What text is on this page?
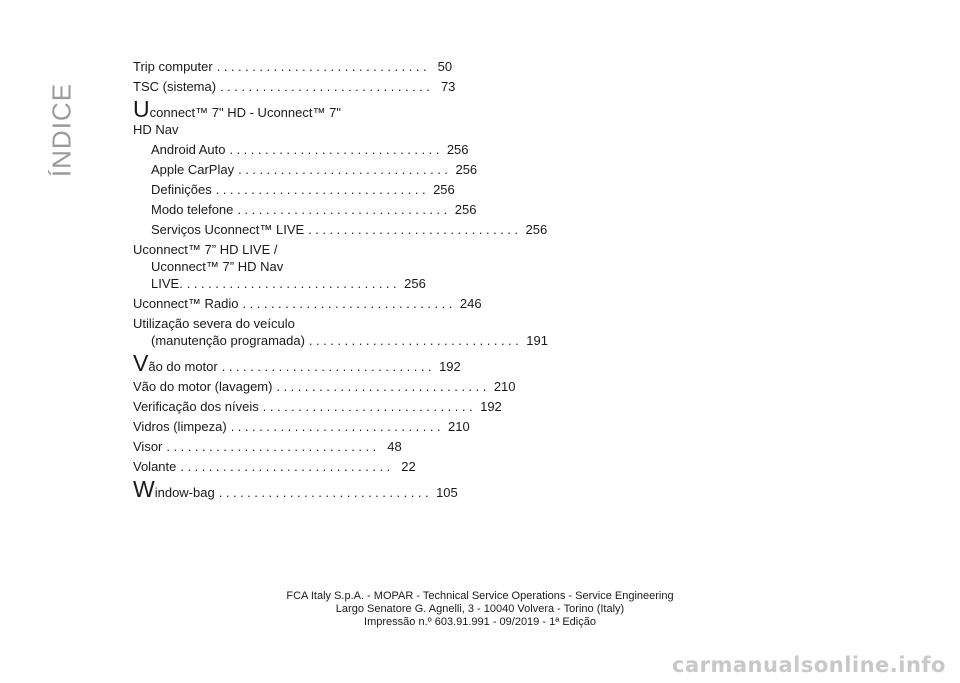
ÍNDICE
Trip computer .............................. 50
TSC (sistema) .............................. 73
Uconnect™ 7" HD - Uconnect™ 7"
HD Nav
Android Auto .............................. 256
Apple CarPlay .............................. 256
Definições .............................. 256
Modo telefone .............................. 256
Serviços Uconnect™ LIVE .............................. 256
Uconnect™ 7” HD LIVE /
Uconnect™ 7” HD Nav
LIVE. .............................. 256
Uconnect™ Radio .............................. 246
Utilização severa do veículo
(manutenção programada) .............................. 191
Vão do motor .............................. 192
Vão do motor (lavagem) .............................. 210
Verificação dos níveis .............................. 192
Vidros (limpeza) .............................. 210
Visor .............................. 48
Volante .............................. 22
Window-bag .............................. 105
FCA Italy S.p.A. - MOPAR - Technical Service Operations - Service Engineering
Largo Senatore G. Agnelli, 3 - 10040 Volvera - Torino (Italy)
Impressão n.º 603.91.991 - 09/2019 - 1ª Edição
carmanualsonline.info
